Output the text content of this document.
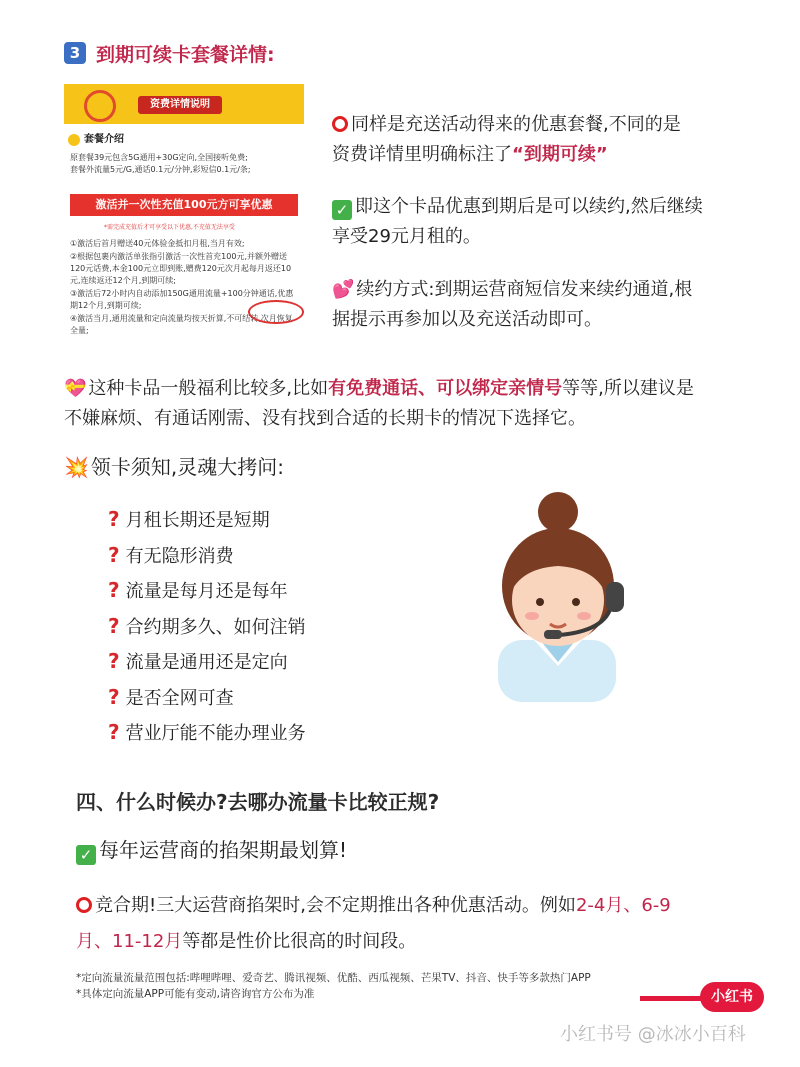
3 到期可续卡套餐详情:
资费详情说明
套餐介绍
原套餐39元包含5G通用+30G定向,全国接听免费;
套餐外流量5元/G,通话0.1元/分钟,彩短信0.1元/条;
激活并一次性充值100元方可享优惠
*需完成充值后才可享受以下优惠,不充值无法享受
①激活后首月赠送40元体验金抵扣月租,当月有效;
②根据包裹内激活单张指引激活一次性首充100元,并额外赠送120元话费,本金100元立即到账,赠费120元次月起每月返还10元,连续返还12个月,到期可续;
③激活后72小时内自动添加150G通用流量+100分钟通话,优惠期12个月,到期可续;
④激活当月,通用流量和定向流量均按天折算,不可结转,次月恢复全量;
同样是充送活动得来的优惠套餐,不同的是
资费详情里明确标注了“到期可续”
✓ 即这个卡品优惠到期后是可以续约,然后继续
享受29元月租的。
💕 续约方式:到期运营商短信发来续约通道,根
据提示再参加以及充送活动即可。
💝 这种卡品一般福利比较多,比如有免费通话、可以绑定亲情号等等,所以建议是
不嫌麻烦、有通话刚需、没有找到合适的长期卡的情况下选择它。
💥 领卡须知,灵魂大拷问:
? 月租长期还是短期
? 有无隐形消费
? 流量是每月还是每年
? 合约期多久、如何注销
? 流量是通用还是定向
? 是否全网可查
? 营业厅能不能办理业务
四、什么时候办?去哪办流量卡比较正规?
✓ 每年运营商的掐架期最划算!
竞合期!三大运营商掐架时,会不定期推出各种优惠活动。例如2-4月、6-9
月、11-12月等都是性价比很高的时间段。
*定向流量流量范围包括:哔哩哔哩、爱奇艺、腾讯视频、优酷、西瓜视频、芒果TV、抖音、快手等多款热门APP
*具体定向流量APP可能有变动,请咨询官方公布为准	小红书
小红书号 @冰冰小百科
